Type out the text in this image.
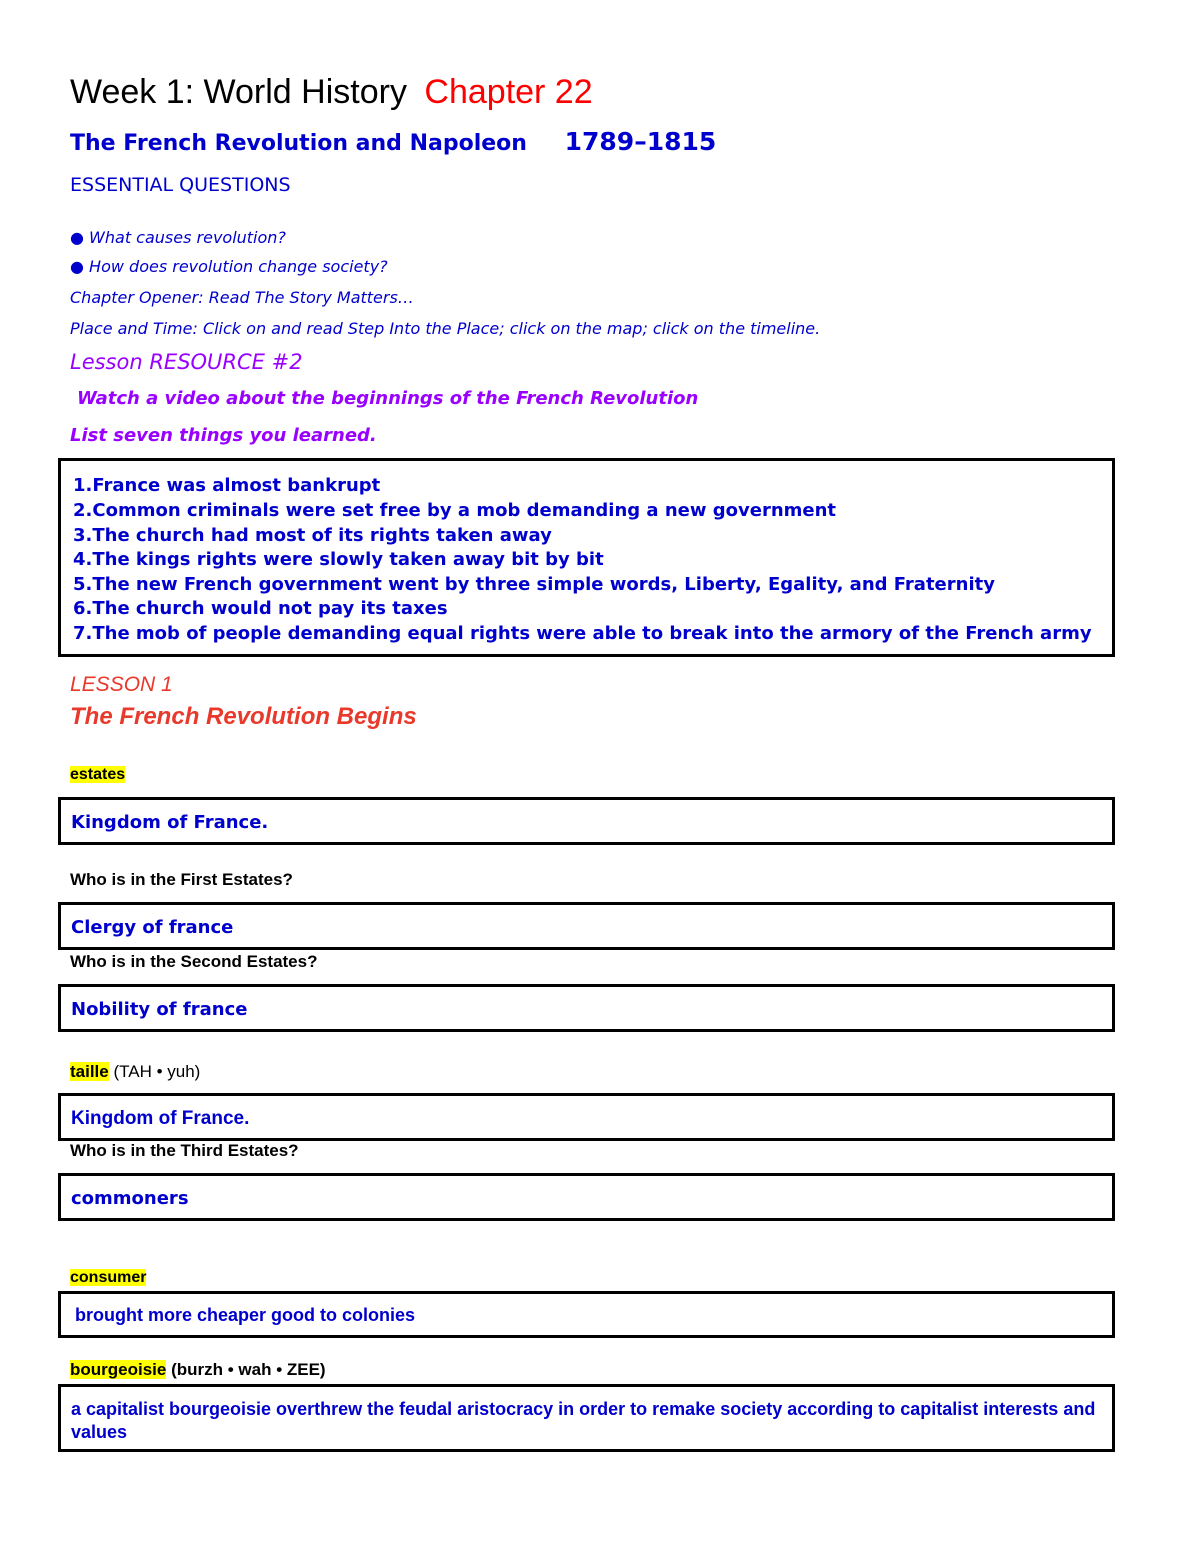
Week 1: World History Chapter 22
The French Revolution and Napoleon 1789–1815
ESSENTIAL QUESTIONS
● What causes revolution?
● How does revolution change society?
Chapter Opener: Read The Story Matters…
Place and Time: Click on and read Step Into the Place; click on the map; click on the timeline.
Lesson RESOURCE #2
Watch a video about the beginnings of the French Revolution
List seven things you learned.
1.France was almost bankrupt
2.Common criminals were set free by a mob demanding a new government
3.The church had most of its rights taken away
4.The kings rights were slowly taken away bit by bit
5.The new French government went by three simple words, Liberty, Egality, and Fraternity
6.The church would not pay its taxes
7.The mob of people demanding equal rights were able to break into the armory of the French army
LESSON 1
The French Revolution Begins
estates
Kingdom of France.
Who is in the First Estates?
Clergy of france
Who is in the Second Estates?
Nobility of france
taille (TAH • yuh)
Kingdom of France.
Who is in the Third Estates?
commoners
consumer
brought more cheaper good to colonies
bourgeoisie (burzh • wah • ZEE)
a capitalist bourgeoisie overthrew the feudal aristocracy in order to remake society according to capitalist interests and values
